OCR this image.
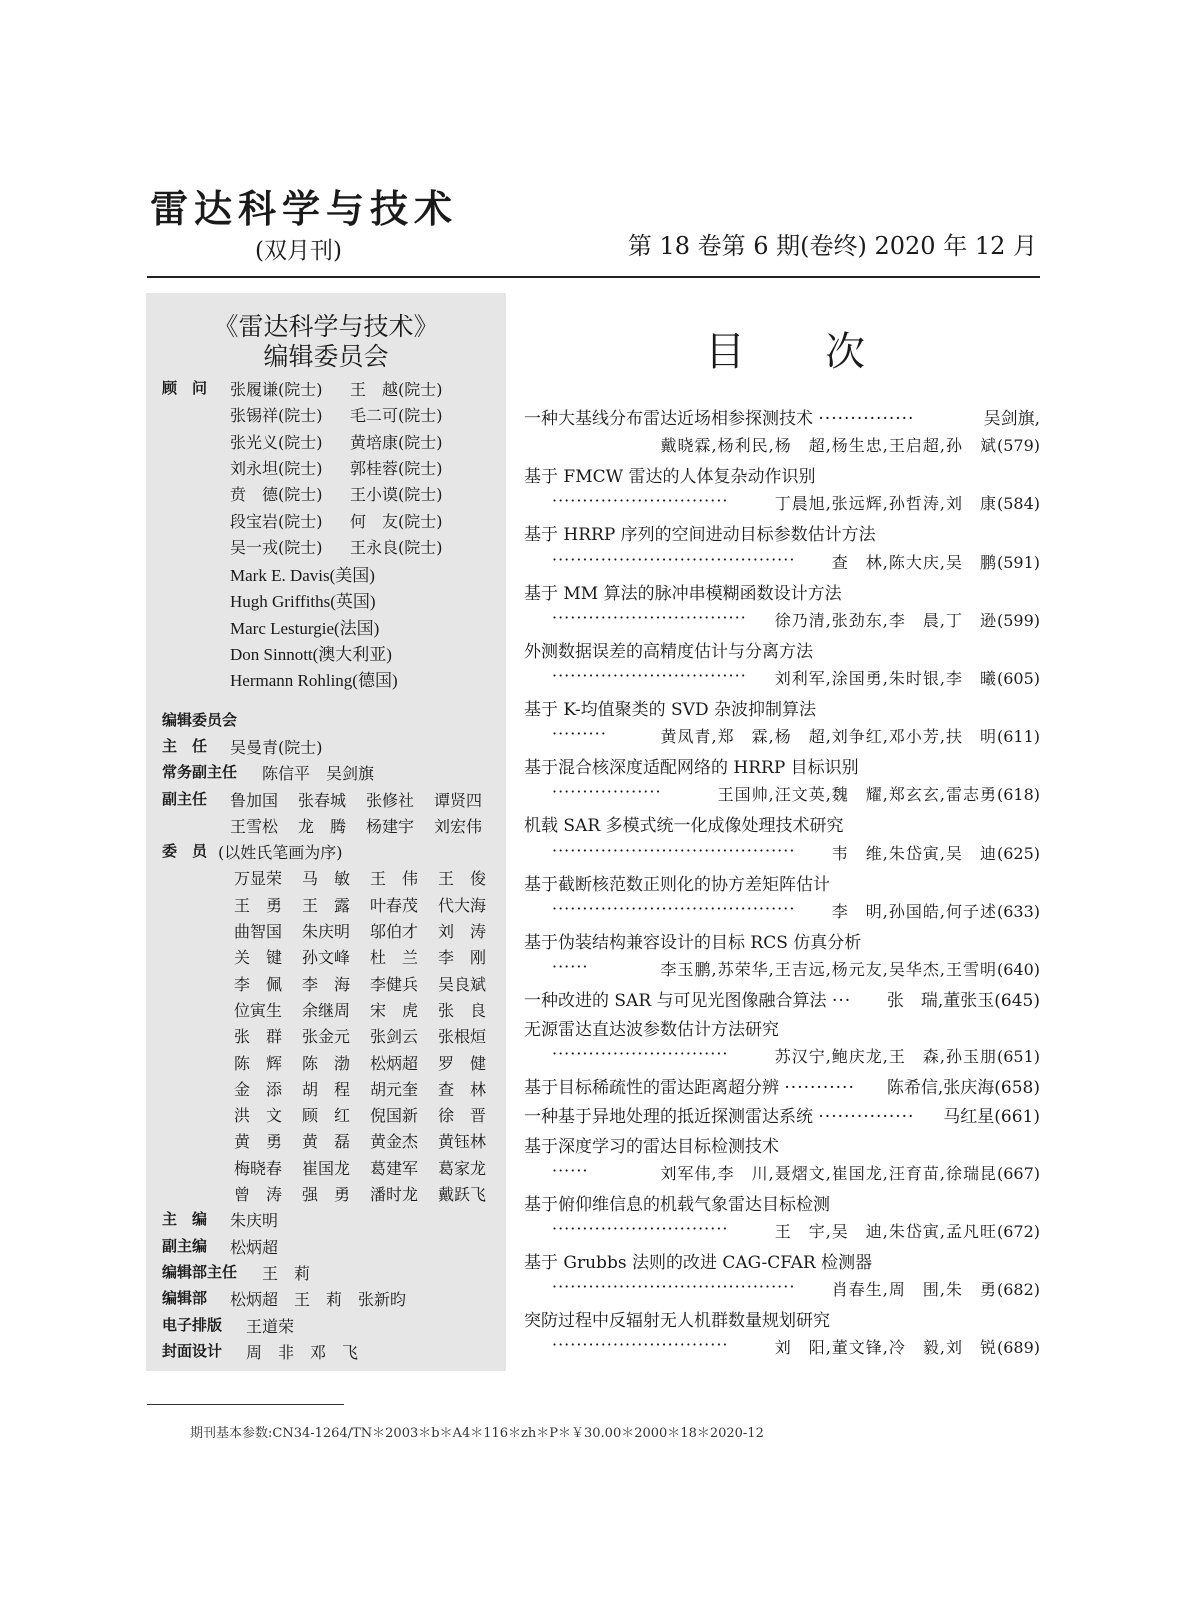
雷达科学与技术
(双月刊)	第 18 卷第 6 期(卷终) 2020 年 12 月
《雷达科学与技术》
编辑委员会
顾　问 张履谦(院士) 王　越(院士)
张锡祥(院士) 毛二可(院士)
张光义(院士) 黄培康(院士)
刘永坦(院士) 郭桂蓉(院士)
贲　德(院士) 王小谟(院士)
段宝岩(院士) 何　友(院士)
吴一戎(院士) 王永良(院士)
Mark E. Davis(美国)
Hugh Griffiths(英国)
Marc Lesturgie(法国)
Don Sinnott(澳大利亚)
Hermann Rohling(德国)
编辑委员会
主　任 吴曼青(院士)
常务副主任 陈信平　吴剑旗
副主任 鲁加国	张春城	张修社	谭贤四
王雪松	龙　腾	杨建宇	刘宏伟
委　员 (以姓氏笔画为序)
万显荣	马　敏	王　伟	王　俊
王　勇	王　露	叶春茂	代大海
曲智国	朱庆明	邬伯才	刘　涛
关　键	孙文峰	杜　兰	李　刚
李　佩	李　海	李健兵	吴良斌
位寅生	余继周	宋　虎	张　良
张　群	张金元	张剑云	张根烜
陈　辉	陈　渤	松炳超	罗　健
金　添	胡　程	胡元奎	查　林
洪　文	顾　红	倪国新	徐　晋
黄　勇	黄　磊	黄金杰	黄钰林
梅晓春	崔国龙	葛建军	葛家龙
曾　涛	强　勇	潘时龙	戴跃飞
主　编 朱庆明
副主编 松炳超
编辑部主任 王　莉
编辑部 松炳超　王　莉　张新昀
电子排版 王道荣
封面设计 周　非　邓　飞
目次
一种大基线分布雷达近场相参探测技术 ···············	吴剑旗,
戴晓霖,杨利民,杨　超,杨生忠,王启超,孙　斌(579)
基于 FMCW 雷达的人体复杂动作识别
·····························	丁晨旭,张远辉,孙哲涛,刘　康(584)
基于 HRRP 序列的空间进动目标参数估计方法
········································ 查　林,陈大庆,吴　鹏(591)
基于 MM 算法的脉冲串模糊函数设计方法
································ 徐乃清,张劲东,李　晨,丁　逊(599)
外测数据误差的高精度估计与分离方法
································ 刘利军,涂国勇,朱时银,李　曦(605)
基于 K-均值聚类的 SVD 杂波抑制算法
·········	黄凤青,郑　霖,杨　超,刘争红,邓小芳,扶　明(611)
基于混合核深度适配网络的 HRRP 目标识别
··················	王国帅,汪文英,魏　耀,郑玄玄,雷志勇(618)
机载 SAR 多模式统一化成像处理技术研究
········································ 韦　维,朱岱寅,吴　迪(625)
基于截断核范数正则化的协方差矩阵估计
········································ 李　明,孙国皓,何子述(633)
基于伪装结构兼容设计的目标 RCS 仿真分析
······	李玉鹏,苏荣华,王吉远,杨元友,吴华杰,王雪明(640)
一种改进的 SAR 与可见光图像融合算法 ··· 张　瑞,董张玉(645)
无源雷达直达波参数估计方法研究
·····························	苏汉宁,鲍庆龙,王　森,孙玉朋(651)
基于目标稀疏性的雷达距离超分辨 ··········· 陈希信,张庆海(658)
一种基于异地处理的抵近探测雷达系统 ··············· 马红星(661)
基于深度学习的雷达目标检测技术
······	刘军伟,李　川,聂熠文,崔国龙,汪育苗,徐瑞昆(667)
基于俯仰维信息的机载气象雷达目标检测
·····························	王　宇,吴　迪,朱岱寅,孟凡旺(672)
基于 Grubbs 法则的改进 CAG-CFAR 检测器
········································ 肖春生,周　围,朱　勇(682)
突防过程中反辐射无人机群数量规划研究
·····························	刘　阳,董文锋,冷　毅,刘　锐(689)
期刊基本参数:CN34-1264/TN＊2003＊b＊A4＊116＊zh＊P＊￥30.00＊2000＊18＊2020-12
